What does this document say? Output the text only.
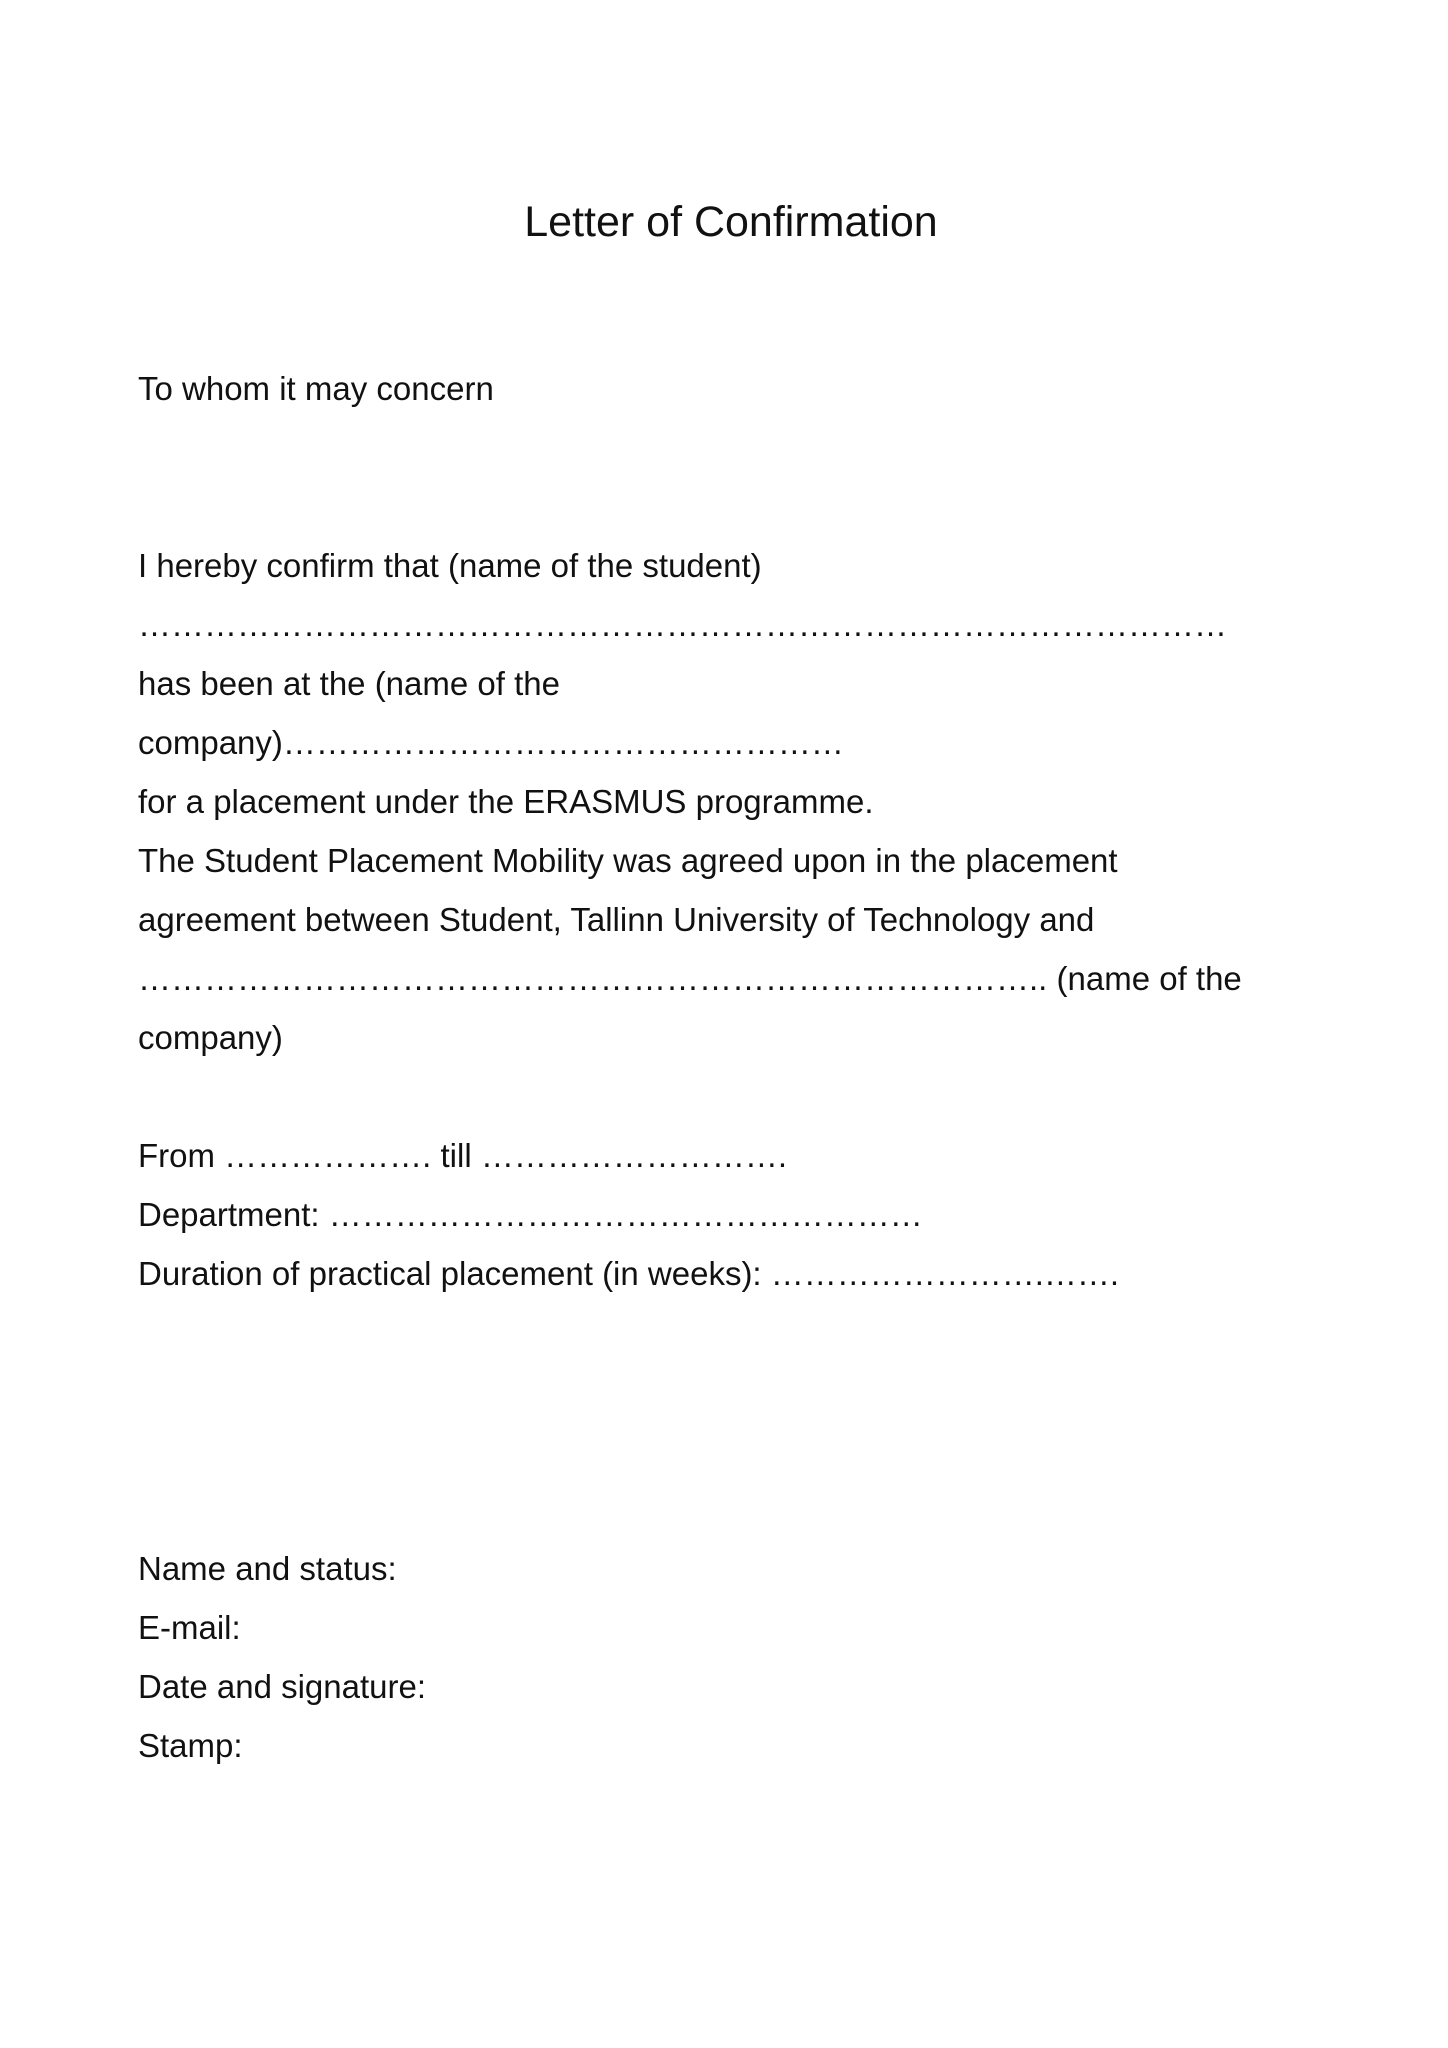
Letter of Confirmation

To whom it may concern

I hereby confirm that (name of the student)

………………………………………………………………………………………

has been at the (name of the

company)……………………………………………

for a placement under the ERASMUS programme.

The Student Placement Mobility was agreed upon in the placement

agreement between Student, Tallinn University of Technology and

……………………………………………………………………….. (name of the

company)

From ………………. till ……………………….

Department: ………………………………………………

Duration of practical placement (in weeks): …………………….…….

Name and status:

E-mail:

Date and signature:

Stamp:
